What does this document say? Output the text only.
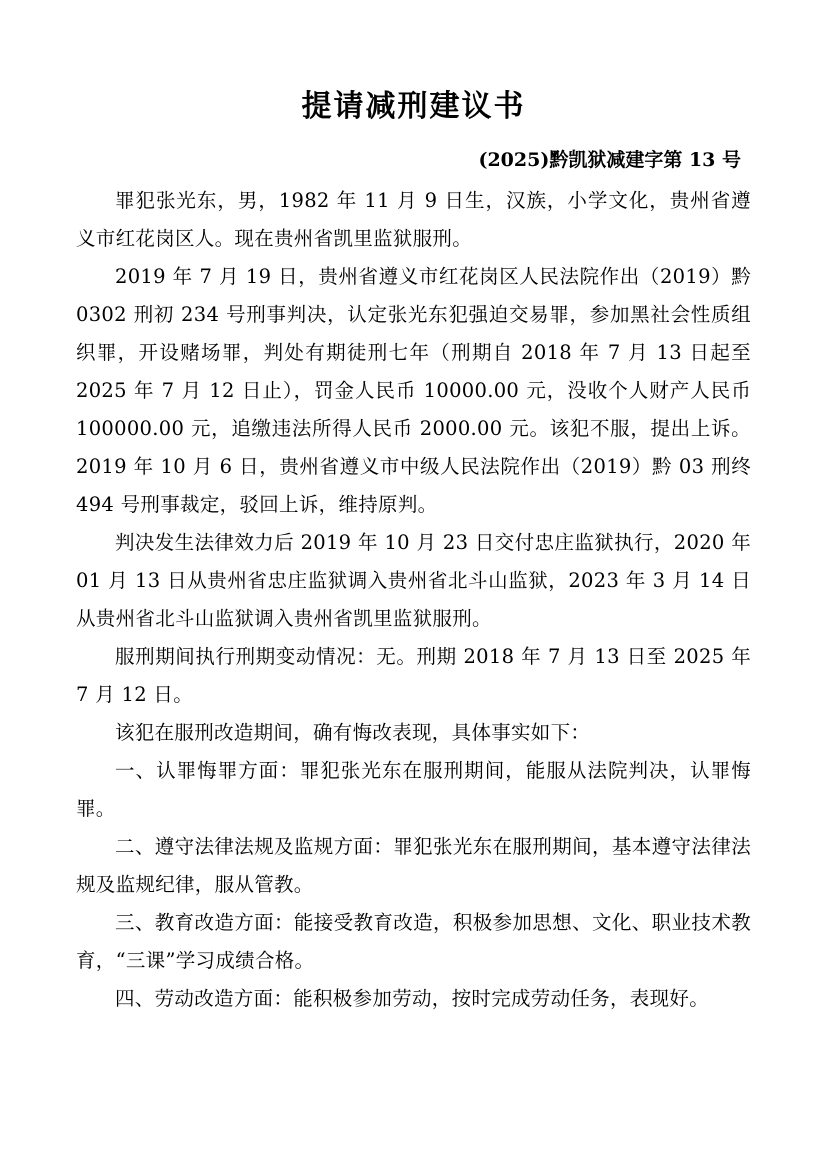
提请减刑建议书
(2025)黔凯狱减建字第 13 号

罪犯张光东，男，1982 年 11 月 9 日生，汉族，小学文化，贵州省遵义市红花岗区人。现在贵州省凯里监狱服刑。

2019 年 7 月 19 日，贵州省遵义市红花岗区人民法院作出（2019）黔 0302 刑初 234 号刑事判决，认定张光东犯强迫交易罪，参加黑社会性质组织罪，开设赌场罪，判处有期徒刑七年（刑期自 2018 年 7 月 13 日起至 2025 年 7 月 12 日止），罚金人民币 10000.00 元，没收个人财产人民币 100000.00 元，追缴违法所得人民币 2000.00 元。该犯不服，提出上诉。2019 年 10 月 6 日，贵州省遵义市中级人民法院作出（2019）黔 03 刑终 494 号刑事裁定，驳回上诉，维持原判。

判决发生法律效力后 2019 年 10 月 23 日交付忠庄监狱执行，2020 年 01 月 13 日从贵州省忠庄监狱调入贵州省北斗山监狱，2023 年 3 月 14 日从贵州省北斗山监狱调入贵州省凯里监狱服刑。

服刑期间执行刑期变动情况：无。刑期 2018 年 7 月 13 日至 2025 年 7 月 12 日。

该犯在服刑改造期间，确有悔改表现，具体事实如下：

一、认罪悔罪方面：罪犯张光东在服刑期间，能服从法院判决，认罪悔罪。

二、遵守法律法规及监规方面：罪犯张光东在服刑期间，基本遵守法律法规及监规纪律，服从管教。

三、教育改造方面：能接受教育改造，积极参加思想、文化、职业技术教育，“三课”学习成绩合格。

四、劳动改造方面：能积极参加劳动，按时完成劳动任务，表现好。
